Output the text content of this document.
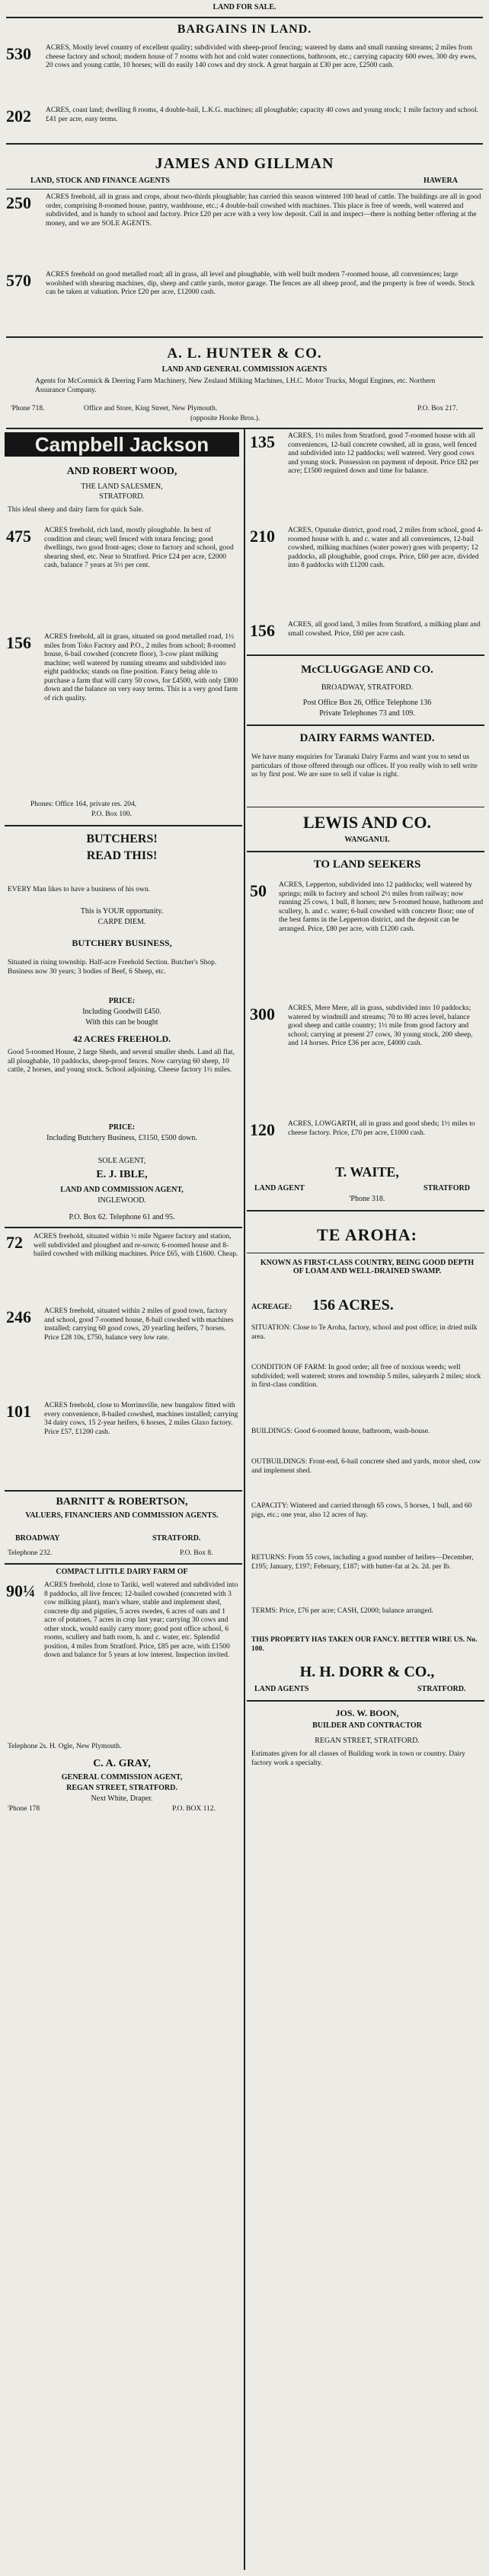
LAND FOR SALE.
BARGAINS IN LAND.
530 ACRES, Mostly level country of excellent quality; subdivided with sheep-proof fencing; watered by dams and small running streams; 2 miles from cheese factory and school; modern house of 7 rooms with hot and cold water connections, bathroom, etc.; carrying capacity 600 ewes, 300 dry ewes, 20 cows and young cattle, 10 horses; will do easily 140 cows and dry stock. A great bargain at £30 per acre, £2500 cash.
202 ACRES, coast land; dwelling 8 rooms, 4 double-bail, L.K.G. machines; all ploughable; capacity 40 cows and young stock; 1 mile factory and school. £41 per acre, easy terms.
JAMES AND GILLMAN
LAND, STOCK AND FINANCE AGENTS	HAWERA
250 ACRES freehold, all in grass and crops, about two-thirds ploughable; has carried this season wintered 100 head of cattle. The buildings are all in good order, comprising 8-roomed house, pantry, washhouse, etc.; 4 double-bail cowshed with machines. This place is free of weeds, well watered and subdivided, and is handy to school and factory. Price £20 per acre with a very low deposit. Call in and inspect—there is nothing better offering at the money, and we are SOLE AGENTS.
570 ACRES freehold on good metalled road; all in grass, all level and ploughable, with well built modern 7-roomed house, all conveniences; large woolshed with shearing machines, dip, sheep and cattle yards, motor garage. The fences are all sheep proof, and the property is free of weeds. Stock can be taken at valuation. Price £20 per acre, £12000 cash.
A. L. HUNTER & CO.
LAND AND GENERAL COMMISSION AGENTS
Agents for McCormick & Deering Farm Machinery, New Zealand Milking Machines, I.H.C. Motor Trucks, Mogul Engines, etc. Northern Assurance Company.
'Phone 718.	Office and Store, King Street, New Plymouth.	P.O. Box 217.
(opposite Hooke Bros.).
Campbell Jackson
AND ROBERT WOOD,
THE LAND SALESMEN,
STRATFORD.
This ideal sheep and dairy farm for quick Sale.
475 ACRES freehold, rich land, mostly ploughable. In best of condition and clean; well fenced with totara fencing; good dwellings, two good front-ages; close to factory and school, good shearing shed, etc. Near to Stratford. Price £24 per acre, £2000 cash, balance 7 years at 5½ per cent.
156 ACRES freehold, all in grass, situated on good metalled road, 1½ miles from Toko Factory and P.O., 2 miles from school; 8-roomed house, 6-bail cowshed (concrete floor), 3-cow plant milking machine; well watered by running streams and subdivided into eight paddocks; stands on fine position. Fancy being able to purchase a farm that will carry 50 cows, for £4500, with only £800 down and the balance on very easy terms. This is a very good farm of rich quality.
Phones: Office 164, private res. 204,
P.O. Box 100.
BUTCHERS!
READ THIS!
EVERY Man likes to have a business of his own.
This is YOUR opportunity.
CARPE DIEM.
BUTCHERY BUSINESS,
Situated in rising township. Half-acre Freehold Section. Butcher's Shop. Business now 30 years; 3 bodies of Beef, 6 Sheep, etc.
PRICE:
Including Goodwill £450.
With this can be bought
42 ACRES FREEHOLD.
Good 5-roomed House, 2 large Sheds, and several smaller sheds. Land all flat, all ploughable, 10 paddocks, sheep-proof fences. Now carrying 60 sheep, 10 cattle, 2 horses, and young stock. School adjoining. Cheese factory 1½ miles.
PRICE:
Including Butchery Business, £3150, £500 down.
SOLE AGENT,
E. J. IBLE,
LAND AND COMMISSION AGENT,
INGLEWOOD.
P.O. Box 62. Telephone 61 and 95.
72 ACRES freehold, situated within ½ mile Ngaere factory and station, well subdivided and ploughed and re-sown; 6-roomed house and 8-bailed cowshed with milking machines. Price £65, with £1600. Cheap.
246 ACRES freehold, situated within 2 miles of good town, factory and school, good 7-roomed house, 8-bail cowshed with machines installed; carrying 60 good cows, 20 yearling heifers, 7 horses. Price £28 10s, £750, balance very low rate.
101 ACRES freehold, close to Morrinsville, new bungalow fitted with every convenience, 8-bailed cowshed, machines installed; carrying 34 dairy cows, 15 2-year heifers, 6 horses, 2 miles Glaxo factory. Price £57, £1200 cash.
BARNITT & ROBERTSON,
VALUERS, FINANCIERS AND COMMISSION AGENTS.
BROADWAY	STRATFORD.
Telephone 232.	P.O. Box 8.
COMPACT LITTLE DAIRY FARM OF
90¼ ACRES freehold, close to Tariki, well watered and subdivided into 8 paddocks, all live fences; 12-bailed cowshed (concreted with 3 cow milking plant), man's whare, stable and implement shed, concrete dip and pigsties, 5 acres swedes, 6 acres of oats and 1 acre of potatoes, 7 acres in crop last year; carrying 30 cows and other stock, would easily carry more; good post office school, 6 rooms, scullery and bath room, h. and c. water, etc. Splendid position, 4 miles from Stratford. Price, £85 per acre, with £1500 down and balance for 5 years at low interest. Inspection invited.
Telephone 2s. H. Ogle, New Plymouth.
C. A. GRAY,
GENERAL COMMISSION AGENT,
REGAN STREET, STRATFORD.
Next White, Draper.
'Phone 178	P.O. BOX 112.
135 ACRES, 1½ miles from Stratford, good 7-roomed house with all conveniences, 12-bail concrete cowshed, all in grass, well fenced and subdivided into 12 paddocks; well watered. Very good cows and young stock. Possession on payment of deposit. Price £82 per acre; £1500 required down and time for balance.
210 ACRES, Opunake district, good road, 2 miles from school, good 4-roomed house with h. and c. water and all conveniences, 12-bail cowshed, milking machines (water power) goes with property; 12 paddocks, all ploughable, good crops. Price, £60 per acre, divided into 8 paddocks with £1200 cash.
156 ACRES, all good land, 3 miles from Stratford, a milking plant and small cowshed. Price, £60 per acre cash.
McCLUGGAGE AND CO.
BROADWAY, STRATFORD.
Post Office Box 26, Office Telephone 136
Private Telephones 73 and 109.
DAIRY FARMS WANTED.
We have many enquiries for Taranaki Dairy Farms and want you to send us particulars of those offered through our offices. If you really wish to sell write us by first post. We are sure to sell if value is right.
LEWIS AND CO.
WANGANUI.
TO LAND SEEKERS
50 ACRES, Lepperton, subdivided into 12 paddocks; well watered by springs; milk to factory and school 2½ miles from railway; now running 25 cows, 1 bull, 8 horses; new 5-roomed house, bathroom and scullery, h. and c. water; 6-bail cowshed with concrete floor; one of the best farms in the Lepperton district, and the deposit can be arranged. Price, £80 per acre, with £1200 cash.
300 ACRES, Mere Mere, all in grass, subdivided into 10 paddocks; watered by windmill and streams; 70 to 80 acres level, balance good sheep and cattle country; 1½ mile from good factory and school; carrying at present 27 cows, 30 young stock, 200 sheep, and 14 horses. Price £36 per acre, £4000 cash.
120 ACRES, LOWGARTH, all in grass and good sheds; 1½ miles to cheese factory. Price, £70 per acre, £1000 cash.
T. WAITE,
LAND AGENT	STRATFORD
'Phone 318.
TE AROHA:
KNOWN AS FIRST-CLASS COUNTRY, BEING GOOD DEPTH OF LOAM AND WELL-DRAINED SWAMP.
ACREAGE: 156 ACRES.
SITUATION: Close to Te Aroha, factory, school and post office; in dried milk area.
CONDITION OF FARM: In good order; all free of noxious weeds; well subdivided; well watered; stores and township 5 miles, saleyards 2 miles; stock in first-class condition.
BUILDINGS: Good 6-roomed house, bathroom, wash-house.
OUTBUILDINGS: Front-end, 6-bail concrete shed and yards, motor shed, cow and implement shed.
CAPACITY: Wintered and carried through 65 cows, 5 horses, 1 bull, and 60 pigs, etc.; one year, also 12 acres of hay.
RETURNS: From 55 cows, including a good number of heifers—December, £195; January, £197; February, £187; with butter-fat at 2s. 2d. per lb.
TERMS: Price, £76 per acre; CASH, £2000; balance arranged.
THIS PROPERTY HAS TAKEN OUR FANCY. BETTER WIRE US. No. 100.
H. H. DORR & CO.,
LAND AGENTS	STRATFORD.
JOS. W. BOON,
BUILDER AND CONTRACTOR
REGAN STREET, STRATFORD.
Estimates given for all classes of Building work in town or country. Dairy factory work a specialty.
